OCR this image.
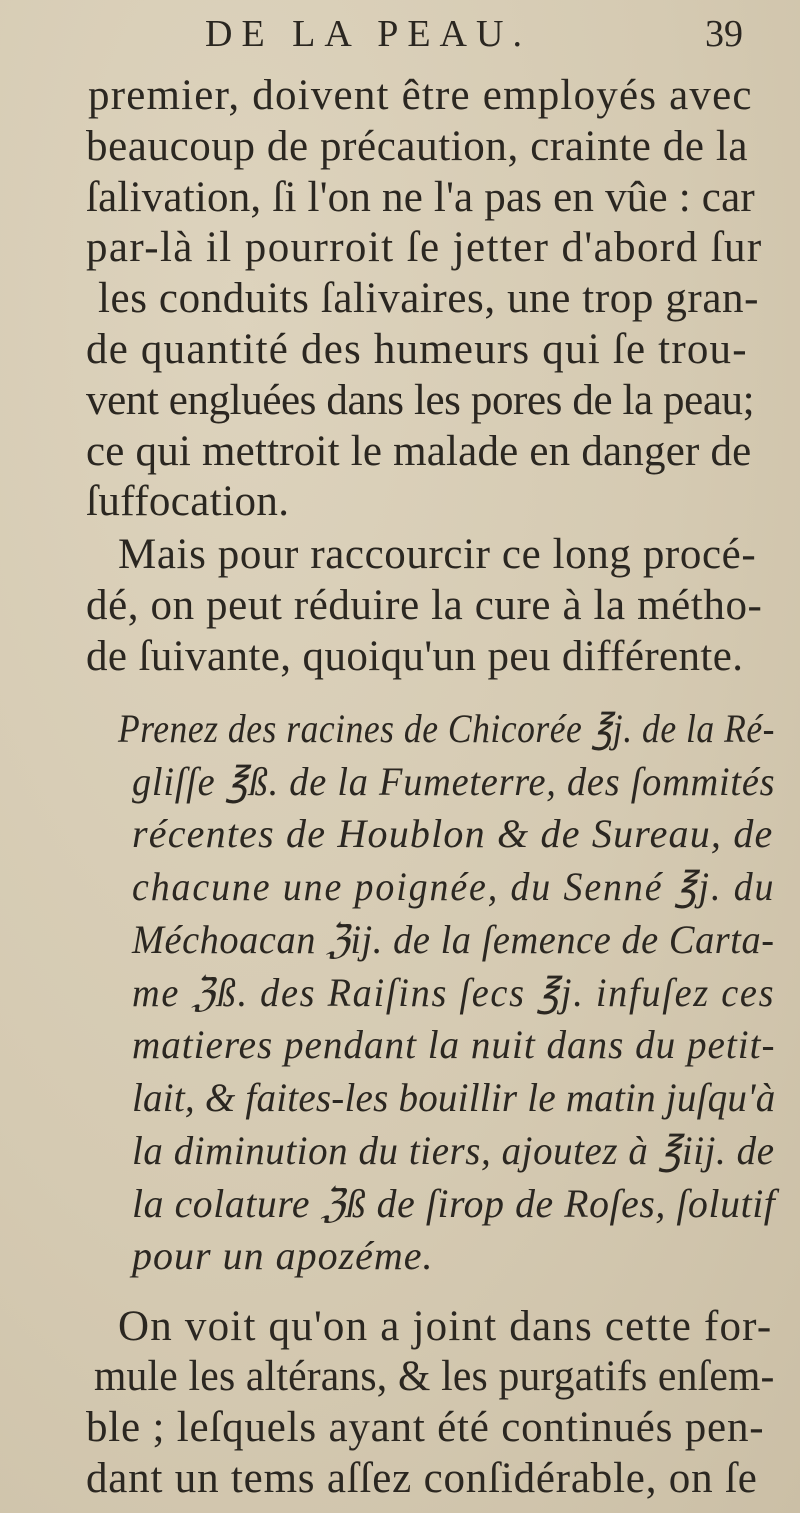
DE LA PEAU.	39
premier, doivent être employés avec
beaucoup de précaution, crainte de la
ſalivation, ſi l'on ne l'a pas en vûe : car
par-là il pourroit ſe jetter d'abord ſur
les conduits ſalivaires, une trop gran-
de quantité des humeurs qui ſe trou-
vent engluées dans les pores de la peau;
ce qui mettroit le malade en danger de
ſuffocation.
Mais pour raccourcir ce long procé-
dé, on peut réduire la cure à la métho-
de ſuivante, quoiqu'un peu différente.
Prenez des racines de Chicorée ℥j. de la Ré-
gliſſe ℥ß. de la Fumeterre, des ſommités
récentes de Houblon & de Sureau, de
chacune une poignée, du Senné ℥j. du
Méchoacan ℨij. de la ſemence de Carta-
me ℨß. des Raiſins ſecs ℥j. infuſez ces
matieres pendant la nuit dans du petit-
lait, & faites-les bouillir le matin juſqu'à
la diminution du tiers, ajoutez à ℥iij. de
la colature ℨß de ſirop de Roſes, ſolutif
pour un apozéme.
On voit qu'on a joint dans cette for-
mule les altérans, & les purgatifs enſem-
ble ; leſquels ayant été continués pen-
dant un tems aſſez conſidérable, on ſe
